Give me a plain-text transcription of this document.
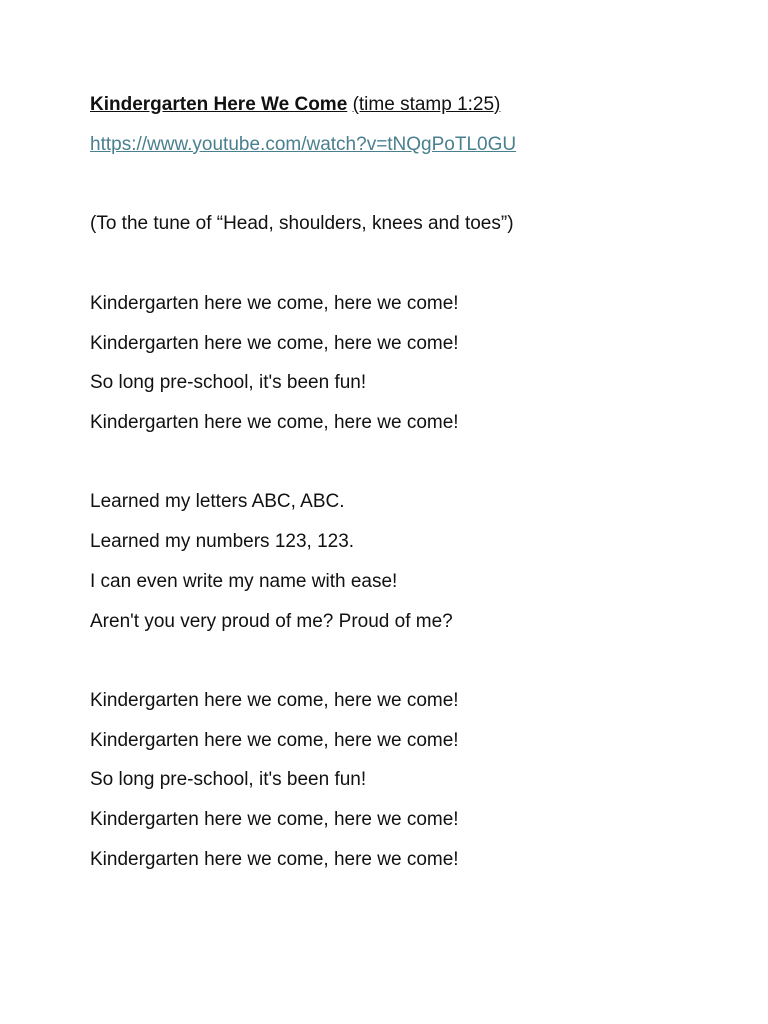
Kindergarten Here We Come (time stamp 1:25)
https://www.youtube.com/watch?v=tNQgPoTL0GU
(To the tune of “Head, shoulders, knees and toes”)
Kindergarten here we come, here we come!
Kindergarten here we come, here we come!
So long pre-school, it's been fun!
Kindergarten here we come, here we come!
Learned my letters ABC, ABC.
Learned my numbers 123, 123.
I can even write my name with ease!
Aren't you very proud of me? Proud of me?
Kindergarten here we come, here we come!
Kindergarten here we come, here we come!
So long pre-school, it's been fun!
Kindergarten here we come, here we come!
Kindergarten here we come, here we come!
